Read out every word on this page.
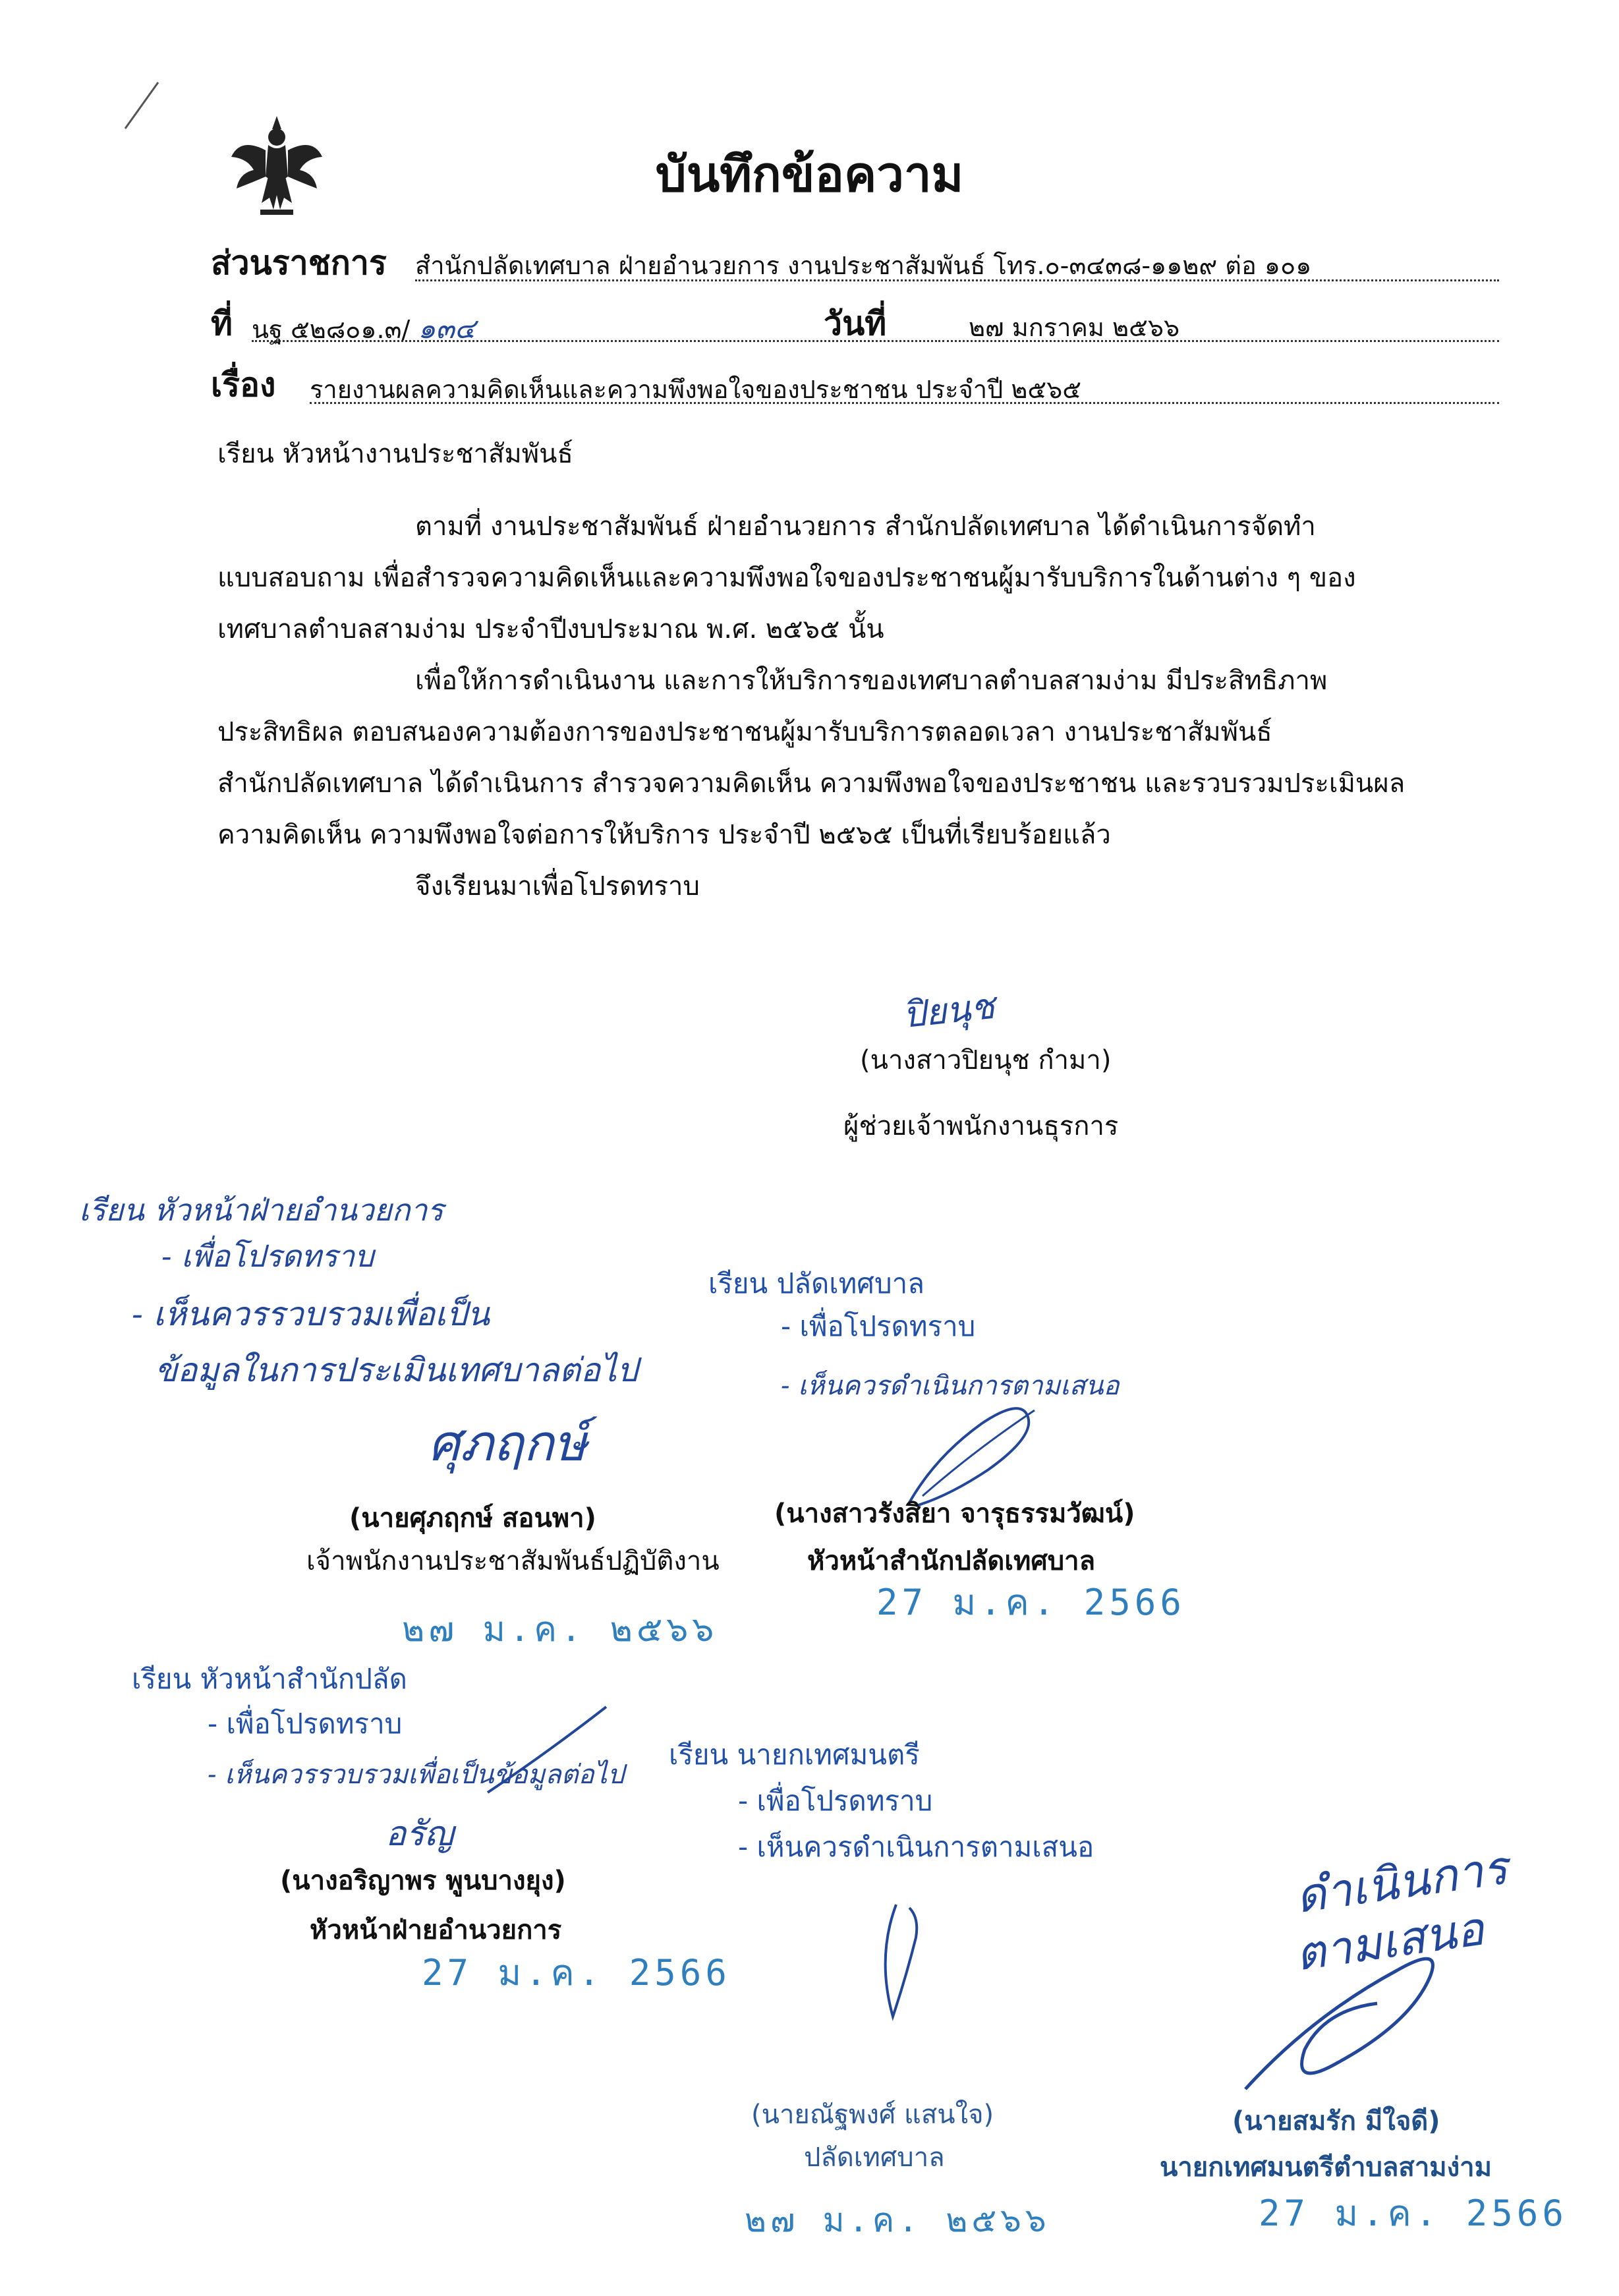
บันทึกข้อความ
ส่วนราชการ สำนักปลัดเทศบาล ฝ่ายอำนวยการ งานประชาสัมพันธ์ โทร.๐-๓๔๓๘-๑๑๒๙ ต่อ ๑๐๑
ที่ นฐ ๕๒๘๐๑.๓/ ๑๓๔	วันที่	๒๗ มกราคม ๒๕๖๖
เรื่อง รายงานผลความคิดเห็นและความพึงพอใจของประชาชน ประจำปี ๒๕๖๕
เรียน หัวหน้างานประชาสัมพันธ์
ตามที่ งานประชาสัมพันธ์ ฝ่ายอำนวยการ สำนักปลัดเทศบาล ได้ดำเนินการจัดทำ
แบบสอบถาม เพื่อสำรวจความคิดเห็นและความพึงพอใจของประชาชนผู้มารับบริการในด้านต่าง ๆ ของ
เทศบาลตำบลสามง่าม ประจำปีงบประมาณ พ.ศ. ๒๕๖๕ นั้น
เพื่อให้การดำเนินงาน และการให้บริการของเทศบาลตำบลสามง่าม มีประสิทธิภาพ
ประสิทธิผล ตอบสนองความต้องการของประชาชนผู้มารับบริการตลอดเวลา งานประชาสัมพันธ์
สำนักปลัดเทศบาล ได้ดำเนินการ สำรวจความคิดเห็น ความพึงพอใจของประชาชน และรวบรวมประเมินผล
ความคิดเห็น ความพึงพอใจต่อการให้บริการ ประจำปี ๒๕๖๕ เป็นที่เรียบร้อยแล้ว
จึงเรียนมาเพื่อโปรดทราบ
ปิยนุช
(นางสาวปิยนุช กำมา)
ผู้ช่วยเจ้าพนักงานธุรการ
เรียน หัวหน้าฝ่ายอำนวยการ
- เพื่อโปรดทราบ
- เห็นควรรวบรวมเพื่อเป็น
ข้อมูลในการประเมินเทศบาลต่อไป
ศุภฤกษ์
(นายศุภฤกษ์ สอนพา)
เจ้าพนักงานประชาสัมพันธ์ปฏิบัติงาน
๒๗ ม.ค. ๒๕๖๖
เรียน ปลัดเทศบาล
- เพื่อโปรดทราบ
- เห็นควรดำเนินการตามเสนอ
(นางสาวรังสิยา จารุธรรมวัฒน์)
หัวหน้าสำนักปลัดเทศบาล
27 ม.ค. 2566
เรียน หัวหน้าสำนักปลัด
- เพื่อโปรดทราบ
- เห็นควรรวบรวมเพื่อเป็นข้อมูลต่อไป
อรัญ
(นางอริญาพร พูนบางยุง)
หัวหน้าฝ่ายอำนวยการ
27 ม.ค. 2566
เรียน นายกเทศมนตรี
- เพื่อโปรดทราบ
- เห็นควรดำเนินการตามเสนอ
(นายณัฐพงศ์ แสนใจ)
ปลัดเทศบาล
๒๗ ม.ค. ๒๕๖๖
ดำเนินการ
ตามเสนอ
(นายสมรัก มีใจดี)
นายกเทศมนตรีตำบลสามง่าม
27 ม.ค. 2566
